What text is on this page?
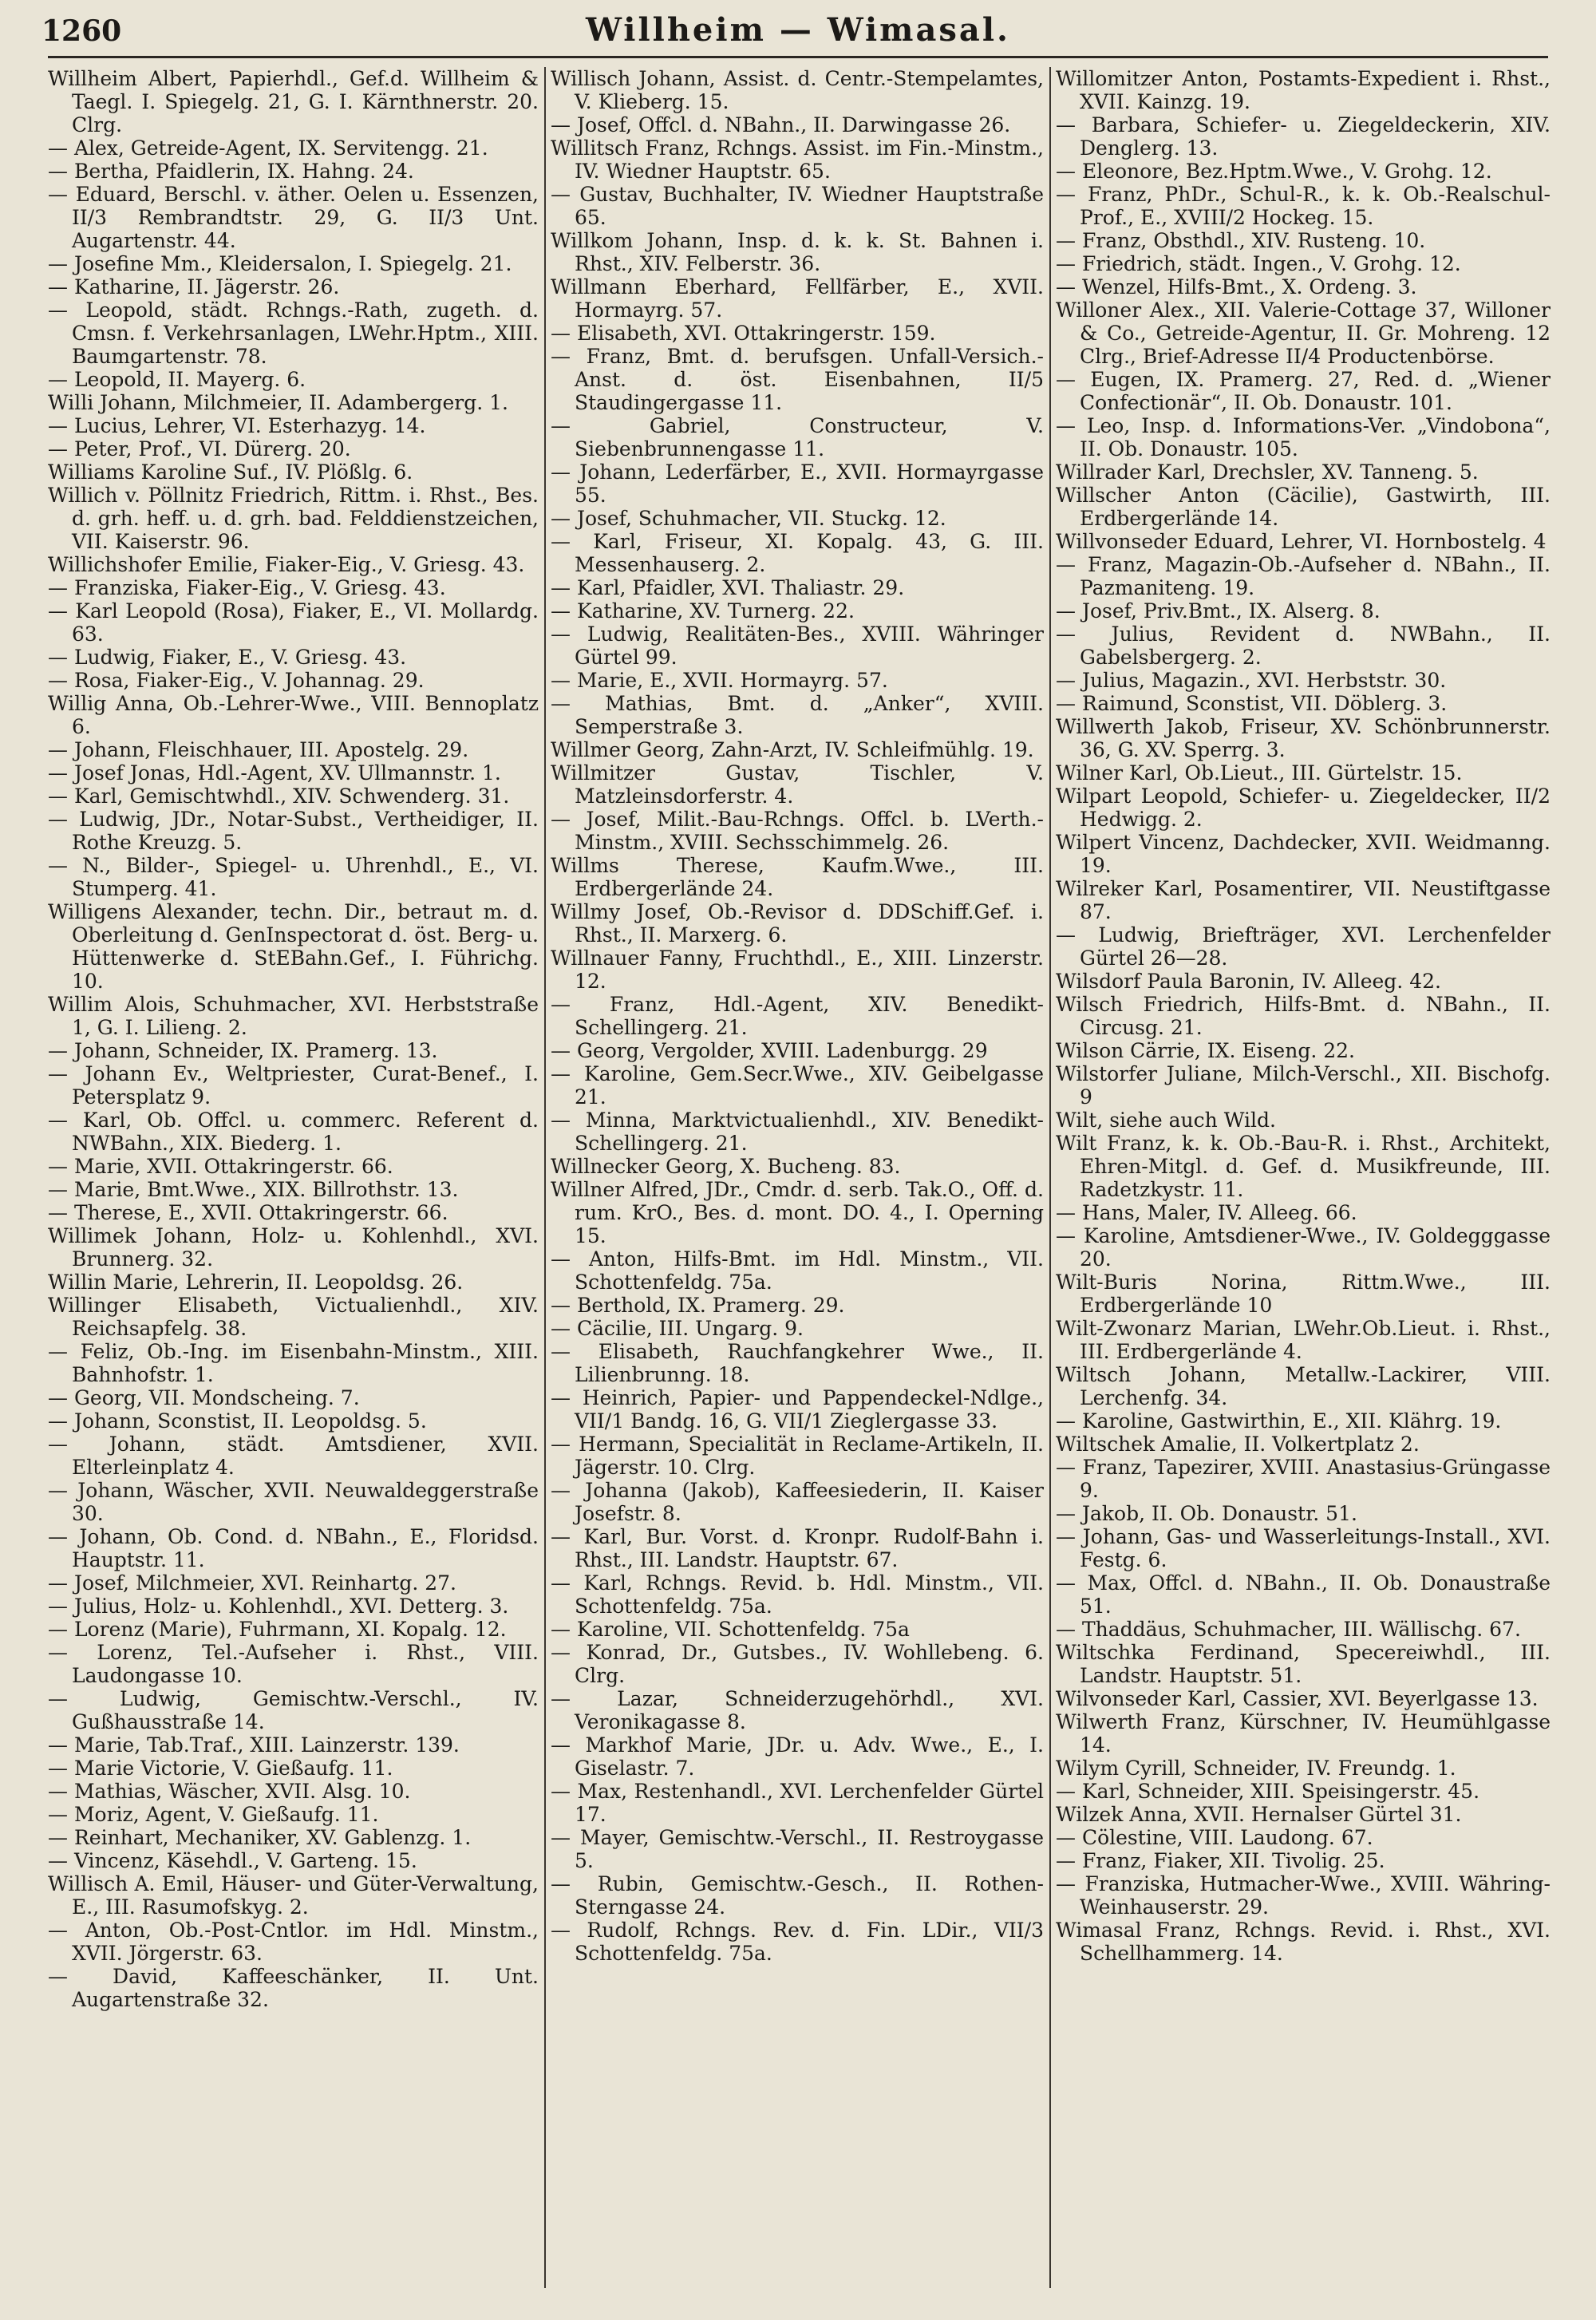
1260	Willheim — Wimasal.

Willheim Albert, Papierhdl., Gef.d. Willheim & Taegl. I. Spiegelg. 21, G. I. Kärnthnerstr. 20. Clrg.

— Alex, Getreide-Agent, IX. Servitengg. 21.

— Bertha, Pfaidlerin, IX. Hahng. 24.

— Eduard, Berschl. v. äther. Oelen u. Essenzen, II/3 Rembrandtstr. 29, G. II/3 Unt. Augartenstr. 44.

— Josefine Mm., Kleidersalon, I. Spiegelg. 21.

— Katharine, II. Jägerstr. 26.

— Leopold, städt. Rchngs.-Rath, zugeth. d. Cmsn. f. Verkehrsanlagen, LWehr.Hptm., XIII. Baumgartenstr. 78.

— Leopold, II. Mayerg. 6.

Willi Johann, Milchmeier, II. Adambergerg. 1.

— Lucius, Lehrer, VI. Esterhazyg. 14.

— Peter, Prof., VI. Dürerg. 20.

Williams Karoline Suf., IV. Plößlg. 6.

Willich v. Pöllnitz Friedrich, Rittm. i. Rhst., Bes. d. grh. heff. u. d. grh. bad. Felddienstzeichen, VII. Kaiserstr. 96.

Willichshofer Emilie, Fiaker-Eig., V. Griesg. 43.

— Franziska, Fiaker-Eig., V. Griesg. 43.

— Karl Leopold (Rosa), Fiaker, E., VI. Mollardg. 63.

— Ludwig, Fiaker, E., V. Griesg. 43.

— Rosa, Fiaker-Eig., V. Johannag. 29.

Willig Anna, Ob.-Lehrer-Wwe., VIII. Bennoplatz 6.

— Johann, Fleischhauer, III. Apostelg. 29.

— Josef Jonas, Hdl.-Agent, XV. Ullmannstr. 1.

— Karl, Gemischtwhdl., XIV. Schwenderg. 31.

— Ludwig, JDr., Notar-Subst., Vertheidiger, II. Rothe Kreuzg. 5.

— N., Bilder-, Spiegel- u. Uhrenhdl., E., VI. Stumperg. 41.

Willigens Alexander, techn. Dir., betraut m. d. Oberleitung d. GenInspectorat d. öst. Berg- u. Hüttenwerke d. StEBahn.Gef., I. Führichg. 10.

Willim Alois, Schuhmacher, XVI. Herbststraße 1, G. I. Lilieng. 2.

— Johann, Schneider, IX. Pramerg. 13.

— Johann Ev., Weltpriester, Curat-Benef., I. Petersplatz 9.

— Karl, Ob. Offcl. u. commerc. Referent d. NWBahn., XIX. Biederg. 1.

— Marie, XVII. Ottakringerstr. 66.

— Marie, Bmt.Wwe., XIX. Billrothstr. 13.

— Therese, E., XVII. Ottakringerstr. 66.

Willimek Johann, Holz- u. Kohlenhdl., XVI. Brunnerg. 32.

Willin Marie, Lehrerin, II. Leopoldsg. 26.

Willinger Elisabeth, Victualienhdl., XIV. Reichsapfelg. 38.

— Feliz, Ob.-Ing. im Eisenbahn-Minstm., XIII. Bahnhofstr. 1.

— Georg, VII. Mondscheing. 7.

— Johann, Sconstist, II. Leopoldsg. 5.

— Johann, städt. Amtsdiener, XVII. Elterleinplatz 4.

— Johann, Wäscher, XVII. Neuwaldeggerstraße 30.

— Johann, Ob. Cond. d. NBahn., E., Floridsd. Hauptstr. 11.

— Josef, Milchmeier, XVI. Reinhartg. 27.

— Julius, Holz- u. Kohlenhdl., XVI. Detterg. 3.

— Lorenz (Marie), Fuhrmann, XI. Kopalg. 12.

— Lorenz, Tel.-Aufseher i. Rhst., VIII. Laudongasse 10.

— Ludwig, Gemischtw.-Verschl., IV. Gußhausstraße 14.

— Marie, Tab.Traf., XIII. Lainzerstr. 139.

— Marie Victorie, V. Gießaufg. 11.

— Mathias, Wäscher, XVII. Alsg. 10.

— Moriz, Agent, V. Gießaufg. 11.

— Reinhart, Mechaniker, XV. Gablenzg. 1.

— Vincenz, Käsehdl., V. Garteng. 15.

Willisch A. Emil, Häuser- und Güter-Verwaltung, E., III. Rasumofskyg. 2.

— Anton, Ob.-Post-Cntlor. im Hdl. Minstm., XVII. Jörgerstr. 63.

— David, Kaffeeschänker, II. Unt. Augartenstraße 32.

Willisch Johann, Assist. d. Centr.-Stempelamtes, V. Klieberg. 15.

— Josef, Offcl. d. NBahn., II. Darwingasse 26.

Willitsch Franz, Rchngs. Assist. im Fin.-Minstm., IV. Wiedner Hauptstr. 65.

— Gustav, Buchhalter, IV. Wiedner Hauptstraße 65.

Willkom Johann, Insp. d. k. k. St. Bahnen i. Rhst., XIV. Felberstr. 36.

Willmann Eberhard, Fellfärber, E., XVII. Hormayrg. 57.

— Elisabeth, XVI. Ottakringerstr. 159.

— Franz, Bmt. d. berufsgen. Unfall-Versich.-Anst. d. öst. Eisenbahnen, II/5 Staudingergasse 11.

— Gabriel, Constructeur, V. Siebenbrunnengasse 11.

— Johann, Lederfärber, E., XVII. Hormayrgasse 55.

— Josef, Schuhmacher, VII. Stuckg. 12.

— Karl, Friseur, XI. Kopalg. 43, G. III. Messenhauserg. 2.

— Karl, Pfaidler, XVI. Thaliastr. 29.

— Katharine, XV. Turnerg. 22.

— Ludwig, Realitäten-Bes., XVIII. Währinger Gürtel 99.

— Marie, E., XVII. Hormayrg. 57.

— Mathias, Bmt. d. „Anker“, XVIII. Semperstraße 3.

Willmer Georg, Zahn-Arzt, IV. Schleifmühlg. 19.

Willmitzer Gustav, Tischler, V. Matzleinsdorferstr. 4.

— Josef, Milit.-Bau-Rchngs. Offcl. b. LVerth.-Minstm., XVIII. Sechsschimmelg. 26.

Willms Therese, Kaufm.Wwe., III. Erdbergerlände 24.

Willmy Josef, Ob.-Revisor d. DDSchiff.Gef. i. Rhst., II. Marxerg. 6.

Willnauer Fanny, Fruchthdl., E., XIII. Linzerstr. 12.

— Franz, Hdl.-Agent, XIV. Benedikt-Schellingerg. 21.

— Georg, Vergolder, XVIII. Ladenburgg. 29

— Karoline, Gem.Secr.Wwe., XIV. Geibelgasse 21.

— Minna, Marktvictualienhdl., XIV. Benedikt-Schellingerg. 21.

Willnecker Georg, X. Bucheng. 83.

Willner Alfred, JDr., Cmdr. d. serb. Tak.O., Off. d. rum. KrO., Bes. d. mont. DO. 4., I. Operning 15.

— Anton, Hilfs-Bmt. im Hdl. Minstm., VII. Schottenfeldg. 75a.

— Berthold, IX. Pramerg. 29.

— Cäcilie, III. Ungarg. 9.

— Elisabeth, Rauchfangkehrer Wwe., II. Lilienbrunng. 18.

— Heinrich, Papier- und Pappendeckel-Ndlge., VII/1 Bandg. 16, G. VII/1 Zieglergasse 33.

— Hermann, Specialität in Reclame-Artikeln, II. Jägerstr. 10. Clrg.

— Johanna (Jakob), Kaffeesiederin, II. Kaiser Josefstr. 8.

— Karl, Bur. Vorst. d. Kronpr. Rudolf-Bahn i. Rhst., III. Landstr. Hauptstr. 67.

— Karl, Rchngs. Revid. b. Hdl. Minstm., VII. Schottenfeldg. 75a.

— Karoline, VII. Schottenfeldg. 75a

— Konrad, Dr., Gutsbes., IV. Wohllebeng. 6. Clrg.

— Lazar, Schneiderzugehörhdl., XVI. Veronikagasse 8.

— Markhof Marie, JDr. u. Adv. Wwe., E., I. Giselastr. 7.

— Max, Restenhandl., XVI. Lerchenfelder Gürtel 17.

— Mayer, Gemischtw.-Verschl., II. Restroygasse 5.

— Rubin, Gemischtw.-Gesch., II. Rothen-Sterngasse 24.

— Rudolf, Rchngs. Rev. d. Fin. LDir., VII/3 Schottenfeldg. 75a.

Willomitzer Anton, Postamts-Expedient i. Rhst., XVII. Kainzg. 19.

— Barbara, Schiefer- u. Ziegeldeckerin, XIV. Denglerg. 13.

— Eleonore, Bez.Hptm.Wwe., V. Grohg. 12.

— Franz, PhDr., Schul-R., k. k. Ob.-Realschul-Prof., E., XVIII/2 Hockeg. 15.

— Franz, Obsthdl., XIV. Rusteng. 10.

— Friedrich, städt. Ingen., V. Grohg. 12.

— Wenzel, Hilfs-Bmt., X. Ordeng. 3.

Willoner Alex., XII. Valerie-Cottage 37, Willoner & Co., Getreide-Agentur, II. Gr. Mohreng. 12 Clrg., Brief-Adresse II/4 Productenbörse.

— Eugen, IX. Pramerg. 27, Red. d. „Wiener Confectionär“, II. Ob. Donaustr. 101.

— Leo, Insp. d. Informations-Ver. „Vindobona“, II. Ob. Donaustr. 105.

Willrader Karl, Drechsler, XV. Tanneng. 5.

Willscher Anton (Cäcilie), Gastwirth, III. Erdbergerlände 14.

Willvonseder Eduard, Lehrer, VI. Hornbostelg. 4

— Franz, Magazin-Ob.-Aufseher d. NBahn., II. Pazmaniteng. 19.

— Josef, Priv.Bmt., IX. Alserg. 8.

— Julius, Revident d. NWBahn., II. Gabelsbergerg. 2.

— Julius, Magazin., XVI. Herbststr. 30.

— Raimund, Sconstist, VII. Döblerg. 3.

Willwerth Jakob, Friseur, XV. Schönbrunnerstr. 36, G. XV. Sperrg. 3.

Wilner Karl, Ob.Lieut., III. Gürtelstr. 15.

Wilpart Leopold, Schiefer- u. Ziegeldecker, II/2 Hedwigg. 2.

Wilpert Vincenz, Dachdecker, XVII. Weidmanng. 19.

Wilreker Karl, Posamentirer, VII. Neustiftgasse 87.

— Ludwig, Briefträger, XVI. Lerchenfelder Gürtel 26—28.

Wilsdorf Paula Baronin, IV. Alleeg. 42.

Wilsch Friedrich, Hilfs-Bmt. d. NBahn., II. Circusg. 21.

Wilson Cärrie, IX. Eiseng. 22.

Wilstorfer Juliane, Milch-Verschl., XII. Bischofg. 9

Wilt, siehe auch Wild.

Wilt Franz, k. k. Ob.-Bau-R. i. Rhst., Architekt, Ehren-Mitgl. d. Gef. d. Musikfreunde, III. Radetzkystr. 11.

— Hans, Maler, IV. Alleeg. 66.

— Karoline, Amtsdiener-Wwe., IV. Goldegggasse 20.

Wilt-Buris Norina, Rittm.Wwe., III. Erdbergerlände 10

Wilt-Zwonarz Marian, LWehr.Ob.Lieut. i. Rhst., III. Erdbergerlände 4.

Wiltsch Johann, Metallw.-Lackirer, VIII. Lerchenfg. 34.

— Karoline, Gastwirthin, E., XII. Klährg. 19.

Wiltschek Amalie, II. Volkertplatz 2.

— Franz, Tapezirer, XVIII. Anastasius-Grüngasse 9.

— Jakob, II. Ob. Donaustr. 51.

— Johann, Gas- und Wasserleitungs-Install., XVI. Festg. 6.

— Max, Offcl. d. NBahn., II. Ob. Donaustraße 51.

— Thaddäus, Schuhmacher, III. Wällischg. 67.

Wiltschka Ferdinand, Specereiwhdl., III. Landstr. Hauptstr. 51.

Wilvonseder Karl, Cassier, XVI. Beyerlgasse 13.

Wilwerth Franz, Kürschner, IV. Heumühlgasse 14.

Wilym Cyrill, Schneider, IV. Freundg. 1.

— Karl, Schneider, XIII. Speisingerstr. 45.

Wilzek Anna, XVII. Hernalser Gürtel 31.

— Cölestine, VIII. Laudong. 67.

— Franz, Fiaker, XII. Tivolig. 25.

— Franziska, Hutmacher-Wwe., XVIII. Währing-Weinhauserstr. 29.

Wimasal Franz, Rchngs. Revid. i. Rhst., XVI. Schellhammerg. 14.
